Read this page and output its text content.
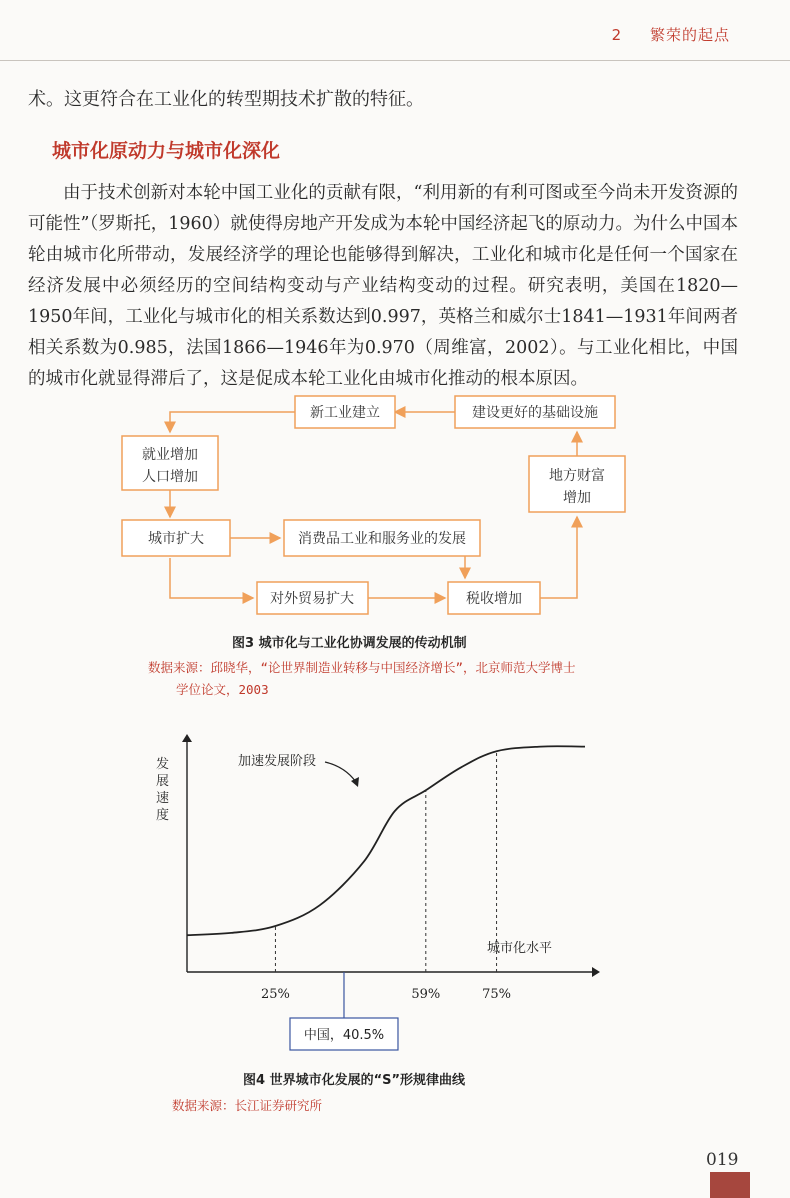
2 繁荣的起点
术。这更符合在工业化的转型期技术扩散的特征。
城市化原动力与城市化深化
由于技术创新对本轮中国工业化的贡献有限，“利用新的有利可图或至今尚未开发资源的可能性”（罗斯托，1960）就使得房地产开发成为本轮中国经济起飞的原动力。为什么中国本轮由城市化所带动，发展经济学的理论也能够得到解决，工业化和城市化是任何一个国家在经济发展中必须经历的空间结构变动与产业结构变动的过程。研究表明，美国在1820—1950年间，工业化与城市化的相关系数达到0.997，英格兰和威尔士1841—1931年间两者相关系数为0.985，法国1866—1946年为0.970（周维富，2002）。与工业化相比，中国的城市化就显得滞后了，这是促成本轮工业化由城市化推动的根本原因。
新工业建立	建设更好的基础设施
就业增加
人口增加	地方财富
增加
城市扩大	消费品工业和服务业的发展
对外贸易扩大	税收增加
25%	59%	75%
加速发展阶段
城市化水平
中国，40.5%
发展速度
图3 城市化与工业化协调发展的传动机制
数据来源：邱晓华，“论世界制造业转移与中国经济增长”，北京师范大学博士
学位论文，2003
图4 世界城市化发展的“S”形规律曲线
数据来源：长江证券研究所
019
